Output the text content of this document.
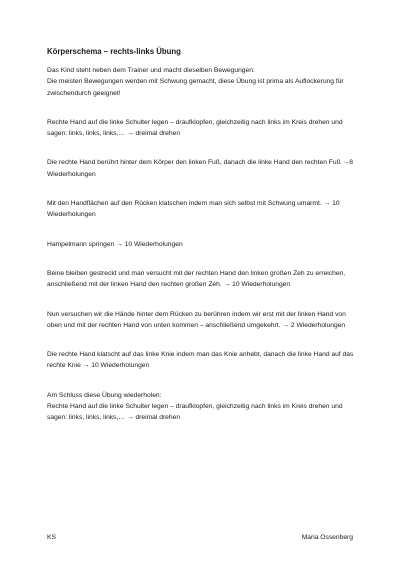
Körperschema – rechts-links Übung

Das Kind steht neben dem Trainer und macht dieselben Bewegungen:

Die meisten Bewegungen werden mit Schwung gemacht, diese Übung ist prima als Auflockerung für zwischendurch geeignet!

Rechte Hand auf die linke Schulter legen – draufklopfen, gleichzeitig nach links im Kreis drehen und sagen: links, links, links,… → dreimal drehen

Die rechte Hand berührt hinter dem Körper den linken Fuß, danach die linke Hand den rechten Fuß →8 Wiederholungen

Mit den Handflächen auf den Rücken klatschen indem man sich selbst mit Schwung umarmt. → 10 Wiederholungen

Hampelmann springen → 10 Wiederholungen

Beine bleiben gestreckt und man versucht mit der rechten Hand den linken großen Zeh zu erreichen, anschließend mit der linken Hand den rechten großen Zeh. → 10 Wiederholungen

Nun versuchen wir die Hände hinter dem Rücken zu berühren indem wir erst mit der linken Hand von oben und mit der rechten Hand von unten kommen – anschließend umgekehrt. → 2 Wiederholungen

Die rechte Hand klatscht auf das linke Knie indem man das Knie anhebt, danach die linke Hand auf das rechte Knie → 10 Wiederholungen

Am Schluss diese Übung wiederholen:

Rechte Hand auf die linke Schulter legen – draufklopfen, gleichzeitig nach links im Kreis drehen und sagen: links, links, links,… → dreimal drehen

KS	Maria Ossenberg
